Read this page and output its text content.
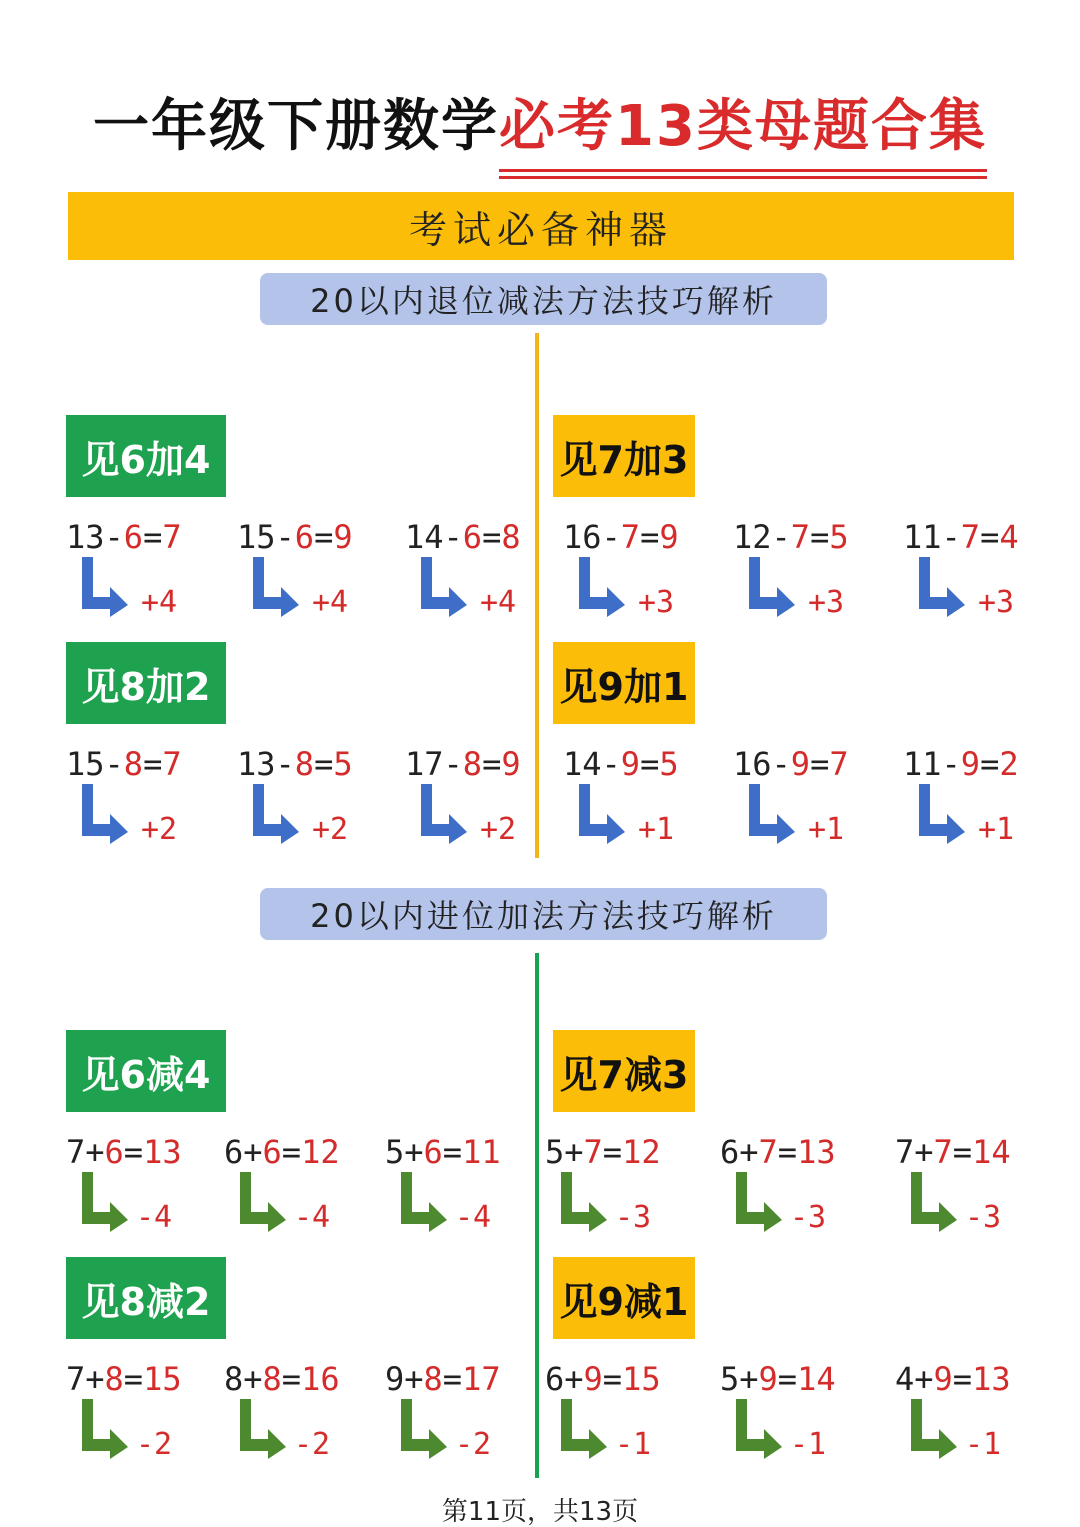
一年级下册数学必考13类母题合集
考试必备神器
20以内退位减法方法技巧解析
20以内进位加法方法技巧解析
见6加4
13-6=7
+4
15-6=9
+4
14-6=8
+4
见7加3
16-7=9
+3
12-7=5
+3
11-7=4
+3
见8加2
15-8=7
+2
13-8=5
+2
17-8=9
+2
见9加1
14-9=5
+1
16-9=7
+1
11-9=2
+1
见6减4
7+6=13
-4
6+6=12
-4
5+6=11
-4
见7减3
5+7=12
-3
6+7=13
-3
7+7=14
-3
见8减2
7+8=15
-2
8+8=16
-2
9+8=17
-2
见9减1
6+9=15
-1
5+9=14
-1
4+9=13
-1
第11页，共13页
